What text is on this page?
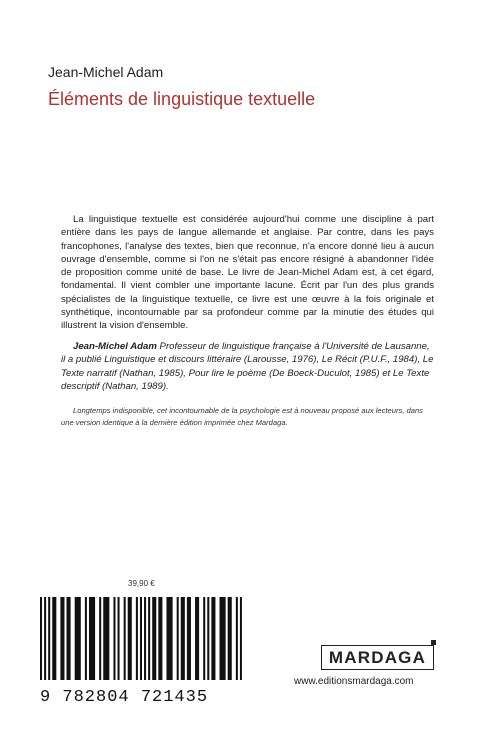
Jean-Michel Adam
Éléments de linguistique textuelle

La linguistique textuelle est considérée aujourd'hui comme une discipline à part entière dans les pays de langue allemande et anglaise. Par contre, dans les pays francophones, l'analyse des textes, bien que reconnue, n'a encore donné lieu à aucun ouvrage d'ensemble, comme si l'on ne s'était pas encore résigné à abandonner l'idée de proposition comme unité de base. Le livre de Jean-Michel Adam est, à cet égard, fondamental. Il vient combler une importante lacune. Écrit par l'un des plus grands spécialistes de la linguistique textuelle, ce livre est une œuvre à la fois originale et synthétique, incontournable par sa profondeur comme par la minutie des études qui illustrent la vision d'ensemble.

Jean-Michel Adam Professeur de linguistique française à l'Université de Lausanne, il a publié Linguistique et discours littéraire (Larousse, 1976), Le Récit (P.U.F., 1984), Le Texte narratif (Nathan, 1985), Pour lire le poème (De Boeck-Duculot, 1985) et Le Texte descriptif (Nathan, 1989).
Longtemps indisponible, cet incontournable de la psychologie est à nouveau proposé aux lecteurs, dans une version identique à la dernière édition imprimée chez Mardaga.
39,90 €
9 782804 721435
MARDAGA
www.editionsmardaga.com
